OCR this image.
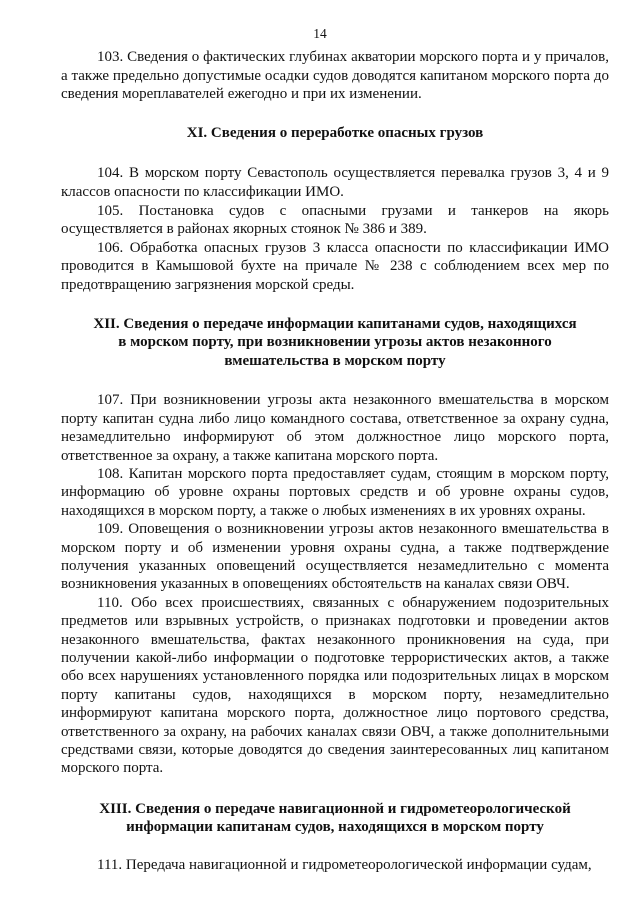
14

103. Сведения о фактических глубинах акватории морского порта и у причалов, а также предельно допустимые осадки судов доводятся капитаном морского порта до сведения мореплавателей ежегодно и при их изменении.

XI. Сведения о переработке опасных грузов

104. В морском порту Севастополь осуществляется перевалка грузов 3, 4 и 9 классов опасности по классификации ИМО.

105. Постановка судов с опасными грузами и танкеров на якорь осуществляется в районах якорных стоянок № 386 и 389.

106. Обработка опасных грузов 3 класса опасности по классификации ИМО проводится в Камышовой бухте на причале № 238 с соблюдением всех мер по предотвращению загрязнения морской среды.

XII. Сведения о передаче информации капитанами судов, находящихся
в морском порту, при возникновении угрозы актов незаконного
вмешательства в морском порту

107. При возникновении угрозы акта незаконного вмешательства в морском порту капитан судна либо лицо командного состава, ответственное за охрану судна, незамедлительно информируют об этом должностное лицо морского порта, ответственное за охрану, а также капитана морского порта.

108. Капитан морского порта предоставляет судам, стоящим в морском порту, информацию об уровне охраны портовых средств и об уровне охраны судов, находящихся в морском порту, а также о любых изменениях в их уровнях охраны.

109. Оповещения о возникновении угрозы актов незаконного вмешательства в морском порту и об изменении уровня охраны судна, а также подтверждение получения указанных оповещений осуществляется незамедлительно с момента возникновения указанных в оповещениях обстоятельств на каналах связи ОВЧ.

110. Обо всех происшествиях, связанных с обнаружением подозрительных предметов или взрывных устройств, о признаках подготовки и проведении актов незаконного вмешательства, фактах незаконного проникновения на суда, при получении какой-либо информации о подготовке террористических актов, а также обо всех нарушениях установленного порядка или подозрительных лицах в морском порту капитаны судов, находящихся в морском порту, незамедлительно информируют капитана морского порта, должностное лицо портового средства, ответственного за охрану, на рабочих каналах связи ОВЧ, а также дополнительными средствами связи, которые доводятся до сведения заинтересованных лиц капитаном морского порта.

XIII. Сведения о передаче навигационной и гидрометеорологической
информации капитанам судов, находящихся в морском порту

111. Передача навигационной и гидрометеорологической информации судам,
